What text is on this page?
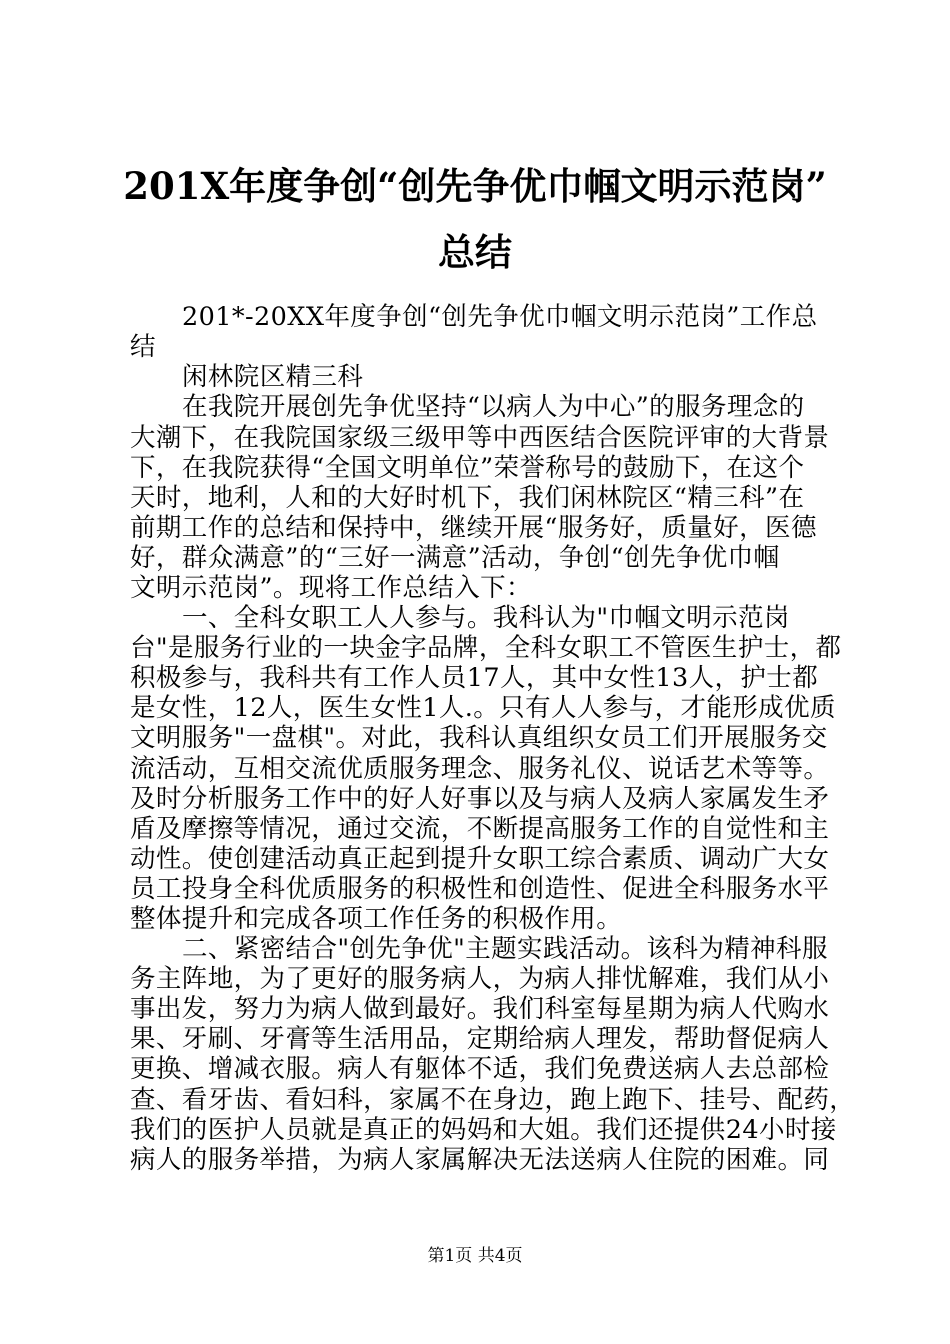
201X年度争创“创先争优巾帼文明示范岗”
总结
201*-20XX年度争创“创先争优巾帼文明示范岗”工作总
结
闲林院区精三科
在我院开展创先争优坚持“以病人为中心”的服务理念的
大潮下，在我院国家级三级甲等中西医结合医院评审的大背景
下，在我院获得“全国文明单位”荣誉称号的鼓励下，在这个
天时，地利，人和的大好时机下，我们闲林院区“精三科”在
前期工作的总结和保持中，继续开展“服务好，质量好，医德
好，群众满意”的“三好一满意”活动，争创“创先争优巾帼
文明示范岗”。现将工作总结入下：
一、全科女职工人人参与。我科认为"巾帼文明示范岗
台"是服务行业的一块金字品牌，全科女职工不管医生护士，都
积极参与，我科共有工作人员17人，其中女性13人，护士都
是女性，12人，医生女性1人.。只有人人参与，才能形成优质
文明服务"一盘棋"。对此，我科认真组织女员工们开展服务交
流活动，互相交流优质服务理念、服务礼仪、说话艺术等等。
及时分析服务工作中的好人好事以及与病人及病人家属发生矛
盾及摩擦等情况，通过交流，不断提高服务工作的自觉性和主
动性。使创建活动真正起到提升女职工综合素质、调动广大女
员工投身全科优质服务的积极性和创造性、促进全科服务水平
整体提升和完成各项工作任务的积极作用。
二、紧密结合"创先争优"主题实践活动。该科为精神科服
务主阵地，为了更好的服务病人，为病人排忧解难，我们从小
事出发，努力为病人做到最好。我们科室每星期为病人代购水
果、牙刷、牙膏等生活用品，定期给病人理发，帮助督促病人
更换、增减衣服。病人有躯体不适，我们免费送病人去总部检
查、看牙齿、看妇科，家属不在身边，跑上跑下、挂号、配药，
我们的医护人员就是真正的妈妈和大姐。我们还提供24小时接
病人的服务举措，为病人家属解决无法送病人住院的困难。同
第1页 共4页
